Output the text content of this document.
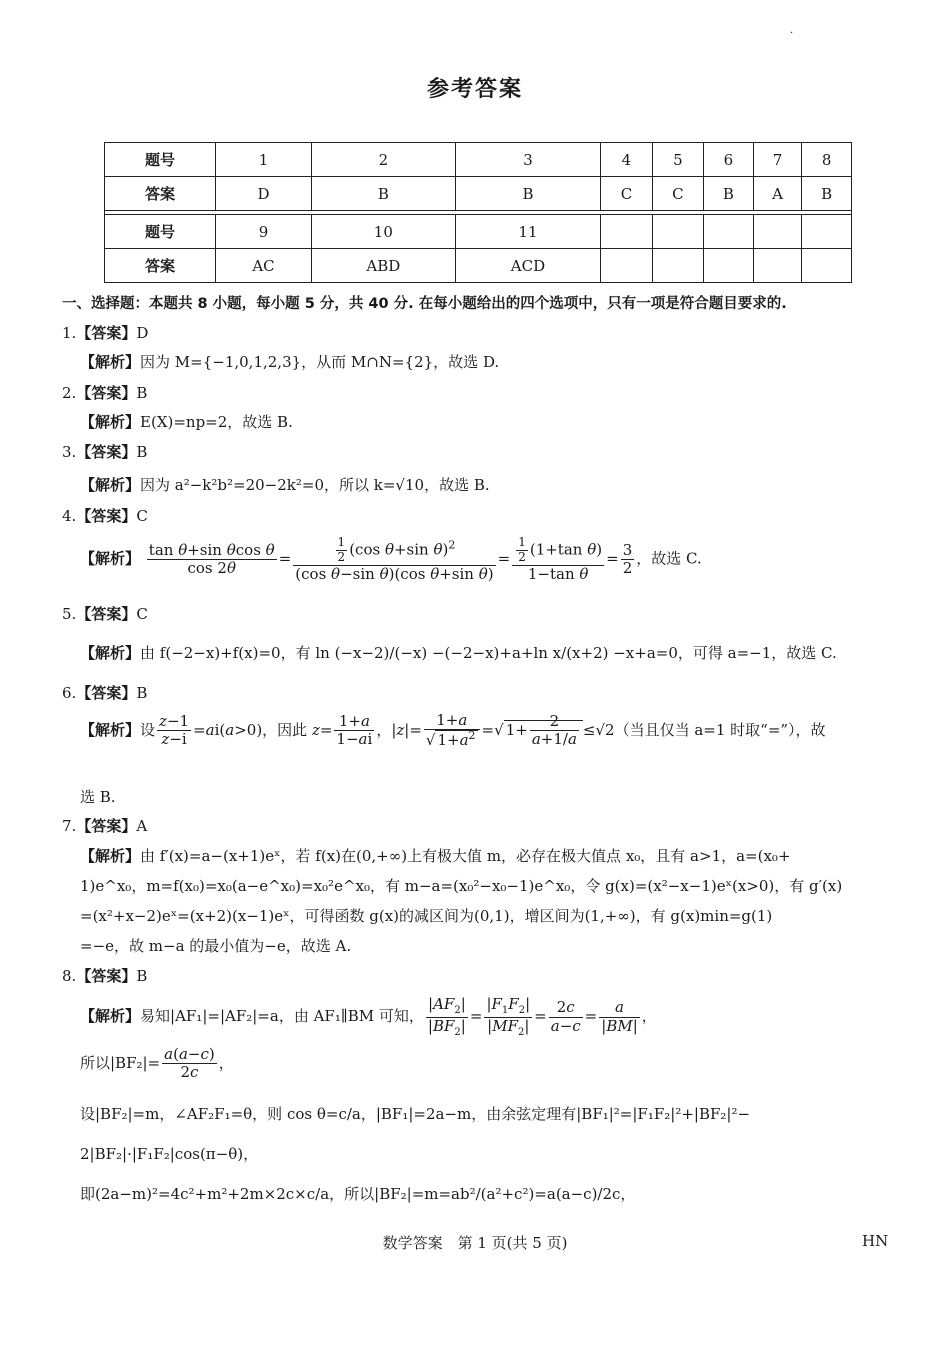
·
参考答案
题号	1	2	3	4	5	6	7	8
答案	D	B	B	C	C	B	A	B

题号	9	10	11					
答案	AC	ABD	ACD					
一、选择题：本题共 8 小题，每小题 5 分，共 40 分. 在每小题给出的四个选项中，只有一项是符合题目要求的.
1.【答案】D
【解析】因为 M={−1,0,1,2,3}，从而 M∩N={2}，故选 D.
2.【答案】B
【解析】E(X)=np=2，故选 B.
3.【答案】B
【解析】因为 a²−k²b²=20−2k²=0，所以 k=√10，故选 B.
4.【答案】C
【解析】 $\frac{\text{tan θ+sin θcos θ}}{\cos 2\theta} = \frac{\frac{1}{2} (\cos \theta+\sin \theta)^2}{\text{(cos θ−sin θ)(cos θ+sin θ)}} = \frac{\frac{1}{2} (1+\tan \theta)}{\text{1−tan θ}} = \frac{3}{2}$ ，故选 C.
5.【答案】C
【解析】由 f(−2−x)+f(x)=0，有 ln (−x−2)/(−x) −(−2−x)+a+ln x/(x+2) −x+a=0，可得 a=−1，故选 C.
6.【答案】B
【解析】设 $\frac{z-1}{z-i} =ai(a>0)$，因此 $z= \frac{1+a}{1-ai}$ ，$|z|= \frac{1+a}{√ 1+a^2}$ =√ $1+ \frac{2}{a+1/a} \le√2$（当且仅当 a=1 时取“=”），故
选 B.
7.【答案】A
【解析】由 f′(x)=a−(x+1)eˣ，若 f(x)在(0,+∞)上有极大值 m，必存在极大值点 x₀，且有 a>1，a=(x₀+
1)e^x₀，m=f(x₀)=x₀(a−e^x₀)=x₀²e^x₀，有 m−a=(x₀²−x₀−1)e^x₀，令 g(x)=(x²−x−1)eˣ(x>0)，有 g′(x)
=(x²+x−2)eˣ=(x+2)(x−1)eˣ，可得函数 g(x)的减区间为(0,1)，增区间为(1,+∞)，有 g(x)min=g(1)
=−e，故 m−a 的最小值为−e，故选 A.
8.【答案】B
【解析】易知|AF₁|=|AF₂|=a，由 AF₁∥BM 可知， $\frac{|AF_2|}{|BF_2|} = \frac{|F_1F_2|}{|MF_2|} = \frac{2c}{a-c} = \frac{a}{|BM|}$ ，
所以$|BF_2|= \frac{a(a-c)}{2c}$ ，
设|BF₂|=m，∠AF₂F₁=θ，则 cos θ=c/a，|BF₁|=2a−m，由余弦定理有|BF₁|²=|F₁F₂|²+|BF₂|²−
2|BF₂|·|F₁F₂|cos(π−θ)，
即(2a−m)²=4c²+m²+2m×2c×c/a，所以|BF₂|=m=ab²/(a²+c²)=a(a−c)/2c，
数学答案　第 1 页(共 5 页)	HN
